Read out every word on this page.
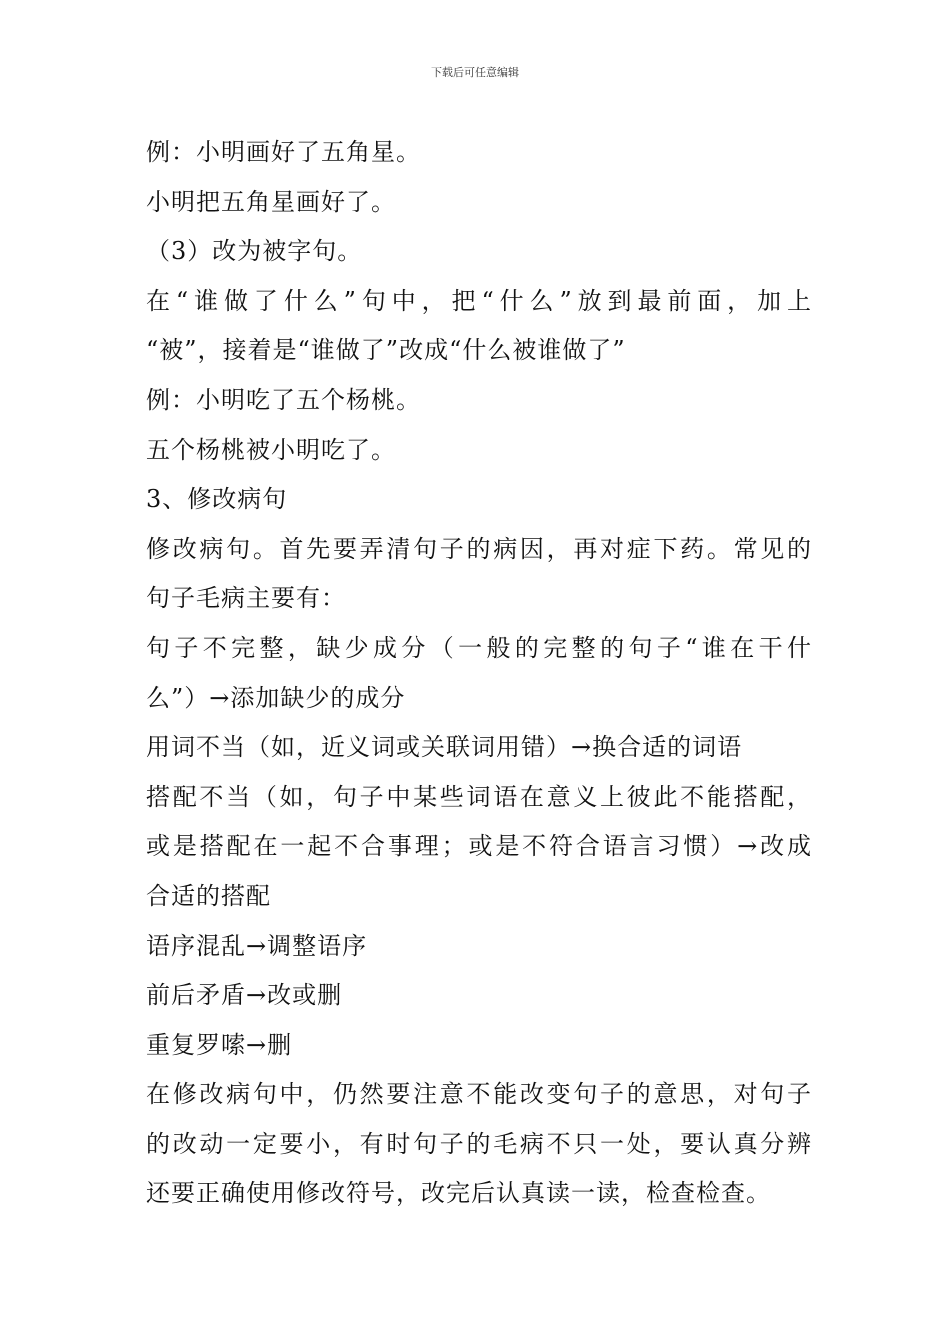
下载后可任意编辑
例：小明画好了五角星。
小明把五角星画好了。
（3）改为被字句。
在“谁做了什么”句中，把“什么”放到最前面，加上
“被”，接着是“谁做了”改成“什么被谁做了”
例：小明吃了五个杨桃。
五个杨桃被小明吃了。
3、修改病句
修改病句。首先要弄清句子的病因，再对症下药。常见的
句子毛病主要有：
句子不完整，缺少成分（一般的完整的句子“谁在干什
么”）→添加缺少的成分
用词不当（如，近义词或关联词用错）→换合适的词语
搭配不当（如，句子中某些词语在意义上彼此不能搭配，
或是搭配在一起不合事理；或是不符合语言习惯）→改成
合适的搭配
语序混乱→调整语序
前后矛盾→改或删
重复罗嗦→删
在修改病句中，仍然要注意不能改变句子的意思，对句子
的改动一定要小，有时句子的毛病不只一处，要认真分辨
还要正确使用修改符号，改完后认真读一读，检查检查。
